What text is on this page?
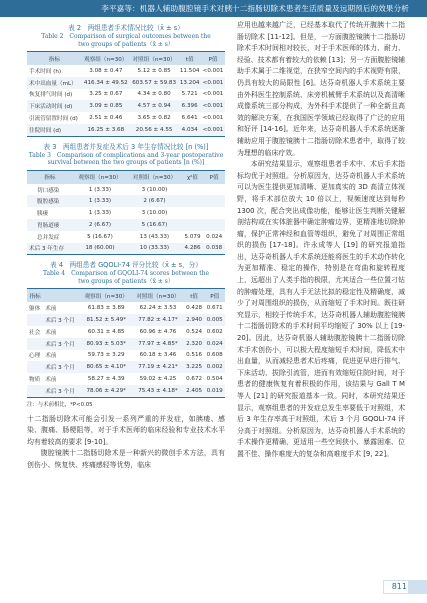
李平嘉等：机器人辅助腹腔镜手术对胰十二指肠切除术患者生活质量及远期预后的效果分析
表 2　两组患者手术情况比较（x̄ ± s）
Table 2　Comparison of surgical outcomes between the
two groups of patients（x̄ ± s）
指标	观察组（n=30）	对照组（n=30）	t值	P值
手术时间 (h)	3.08 ± 0.47	5.12 ± 0.85	11.504	<0.001
术中出血量（mL）	416.34 ± 49.52	603.57 ± 59.83	13.204	<0.001
恢复排气时间 (d)	3.25 ± 0.67	4.34 ± 0.80	5.721	<0.001
下床活动时间 (d)	3.09 ± 0.85	4.57 ± 0.94	6.396	<0.001
引流管留置时间 (d)	2.51 ± 0.46	3.65 ± 0.82	6.641	<0.001
住院时间 (d)	16.25 ± 3.68	20.56 ± 4.55	4.034	<0.001
表 3　两组患者并发症及术后 3 年生存情况比较 [n (%)]
Table 3　Comparison of complications and 3-year postoperative
survival between the two groups of patients [n (%)]
指标	观察组（n=30）	对照组（n=30）	χ²值	P值
切口感染	1 (3.33)	3 (10.00)		
腹腔感染	1 (3.33)	2 (6.67)		
胰瘘	1 (3.33)	3 (10.00)		
胃肠道瘘	2 (6.67)	5 (16.67)		
总并发症	5 (16.67)	13 (43.33)	5.079	0.024
术后 3 年生存	18 (60.00)	10 (33.33)	4.286	0.038
表 4　两组患者 GQOLI-74 评分比较（x̄ ± s，分）
Table 4　Comparison of GQOLI-74 scores between the
two groups of patients（x̄ ± s）
指标		观察组（n=30）	对照组（n=30）	t值	P值
躯体	术前	61.83 ± 3.89	62.24 ± 3.53	0.428	0.671
	术后 3 个月	81.52 ± 5.49*	77.82 ± 4.17*	2.940	0.005
社会	术前	60.31 ± 4.85	60.96 ± 4.76	0.524	0.602
	术后 3 个月	80.93 ± 5.03*	77.97 ± 4.85*	2.320	0.024
心理	术前	59.73 ± 3.29	60.18 ± 3.46	0.516	0.608
	术后 3 个月	80.65 ± 4.10*	77.19 ± 4.21*	3.225	0.002
物质	术前	58.27 ± 4.39	59.02 ± 4.25	0.672	0.504
	术后 3 个月	78.06 ± 4.29*	75.43 ± 4.18*	2.405	0.019
注：与术前相比，*P<0.05

十二指肠切除术可能会引发一系列严重的并发症，如胰瘘、感染、腹痛、肠梗阻等，对于手术医师的临床经验和专业技术水平均有着较高的要求 [9-10]。

腹腔镜胰十二指肠切除术是一种新兴的微创手术方法，具有创伤小、恢复快、疼痛感轻等优势，临床

应用也越来越广泛，已经基本取代了传统开腹胰十二指肠切除术 [11-12]。但是，一方面腹腔镜胰十二指肠切除术手术时间相对较长，对于手术医师的体力、耐力、经验、技术都有着较大的依赖 [13]；另一方面腹腔镜辅助手术属于二维视觉，在狭窄空间内的手术视野有限，仍具有较大的局限性 [6]。达芬奇机器人手术系统主要由外科医生控制系统、床旁机械臂手术系统以及高清晰成像系统三部分构成，为外科手术提供了一种全新且高效的解决方案，在我国医学领域已经取得了广泛的应用和好评 [14-16]。近年来，达芬奇机器人手术系统逐渐辅助应用于腹腔镜胰十二指肠切除术患者中，取得了较为理想的临床疗效。

本研究结果显示，观察组患者手术中、术后手术指标均优于对照组。分析原因为，达芬奇机器人手术系统可以为医生提供更加清晰、更加真实的 3D 高清立体视野，将手术部位放大 10 倍以上，视频速度达到每秒 1300 次，配合突出成像功能，能够让医生判断关键解剖结构或在实体脏器中确定肿瘤边界，更精准地切除肿瘤，保护正常神经和血管等组织，避免了对周围正常组织的损伤 [17-18]。许永成等人 [19] 的研究报道指出，达芬奇机器人手术系统还能将医生的手术动作转化为更加精准、稳定的操作，特别是在弯曲和旋转程度上，远超出了人类手指的极限，尤其适合一些位置刁钻的肿瘤处理，具有人手无法比拟的稳定性及精确度，减少了对周围组织的损伤，从而缩短了手术时间。既往研究显示，相较于传统手术，达芬奇机器人辅助腹腔镜胰十二指肠切除术的手术时间平均缩短了 30% 以上 [19-20]。因此，达芬奇机器人辅助腹腔镜胰十二指肠切除术手术创伤小，可以极大程度缩短手术时间，降低术中出血量，从而减轻患者术后疼痛，促进更早进行排气、下床活动、拔除引流管，进而有效缩短住院时间，对于患者的健康恢复有着积极的作用，该结果与 Gall T M 等人 [21] 的研究报道基本一致。同时，本研究结果还显示，观察组患者的并发症总发生率要低于对照组，术后 3 年生存率高于对照组，术后 3 个月 GQOLI-74 评分高于对照组。分析原因为，达芬奇机器人手术系统的手术操作更精确，更适用一些空间狭小、暴露困难、位置不佳、操作难度大的复杂和高难度手术 [9, 22]。

811
